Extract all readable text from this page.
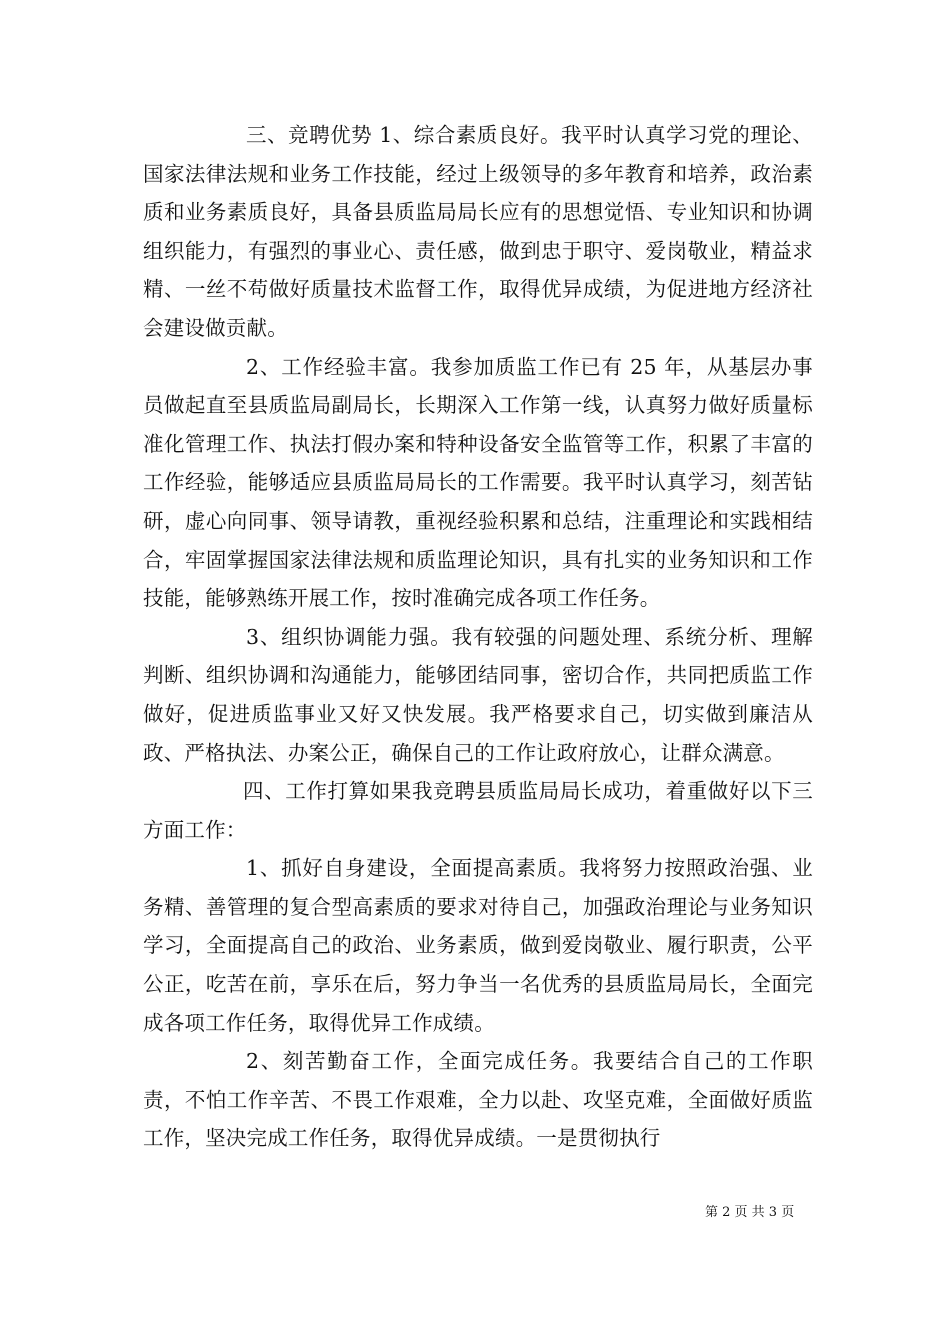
三、竞聘优势 1、综合素质良好。我平时认真学习党的理论、国家法律法规和业务工作技能，经过上级领导的多年教育和培养，政治素质和业务素质良好，具备县质监局局长应有的思想觉悟、专业知识和协调组织能力，有强烈的事业心、责任感，做到忠于职守、爱岗敬业，精益求精、一丝不苟做好质量技术监督工作，取得优异成绩，为促进地方经济社会建设做贡献。

2、工作经验丰富。我参加质监工作已有 25 年，从基层办事员做起直至县质监局副局长，长期深入工作第一线，认真努力做好质量标准化管理工作、执法打假办案和特种设备安全监管等工作，积累了丰富的工作经验，能够适应县质监局局长的工作需要。我平时认真学习，刻苦钻研，虚心向同事、领导请教，重视经验积累和总结，注重理论和实践相结合，牢固掌握国家法律法规和质监理论知识，具有扎实的业务知识和工作技能，能够熟练开展工作，按时准确完成各项工作任务。

3、组织协调能力强。我有较强的问题处理、系统分析、理解判断、组织协调和沟通能力，能够团结同事，密切合作，共同把质监工作做好，促进质监事业又好又快发展。我严格要求自己，切实做到廉洁从政、严格执法、办案公正，确保自己的工作让政府放心，让群众满意。

四、工作打算如果我竞聘县质监局局长成功，着重做好以下三方面工作：

1、抓好自身建设，全面提高素质。我将努力按照政治强、业务精、善管理的复合型高素质的要求对待自己，加强政治理论与业务知识学习，全面提高自己的政治、业务素质，做到爱岗敬业、履行职责，公平公正，吃苦在前，享乐在后，努力争当一名优秀的县质监局局长，全面完成各项工作任务，取得优异工作成绩。

2、刻苦勤奋工作，全面完成任务。我要结合自己的工作职责，不怕工作辛苦、不畏工作艰难，全力以赴、攻坚克难，全面做好质监工作，坚决完成工作任务，取得优异成绩。一是贯彻执行

第 2 页 共 3 页
